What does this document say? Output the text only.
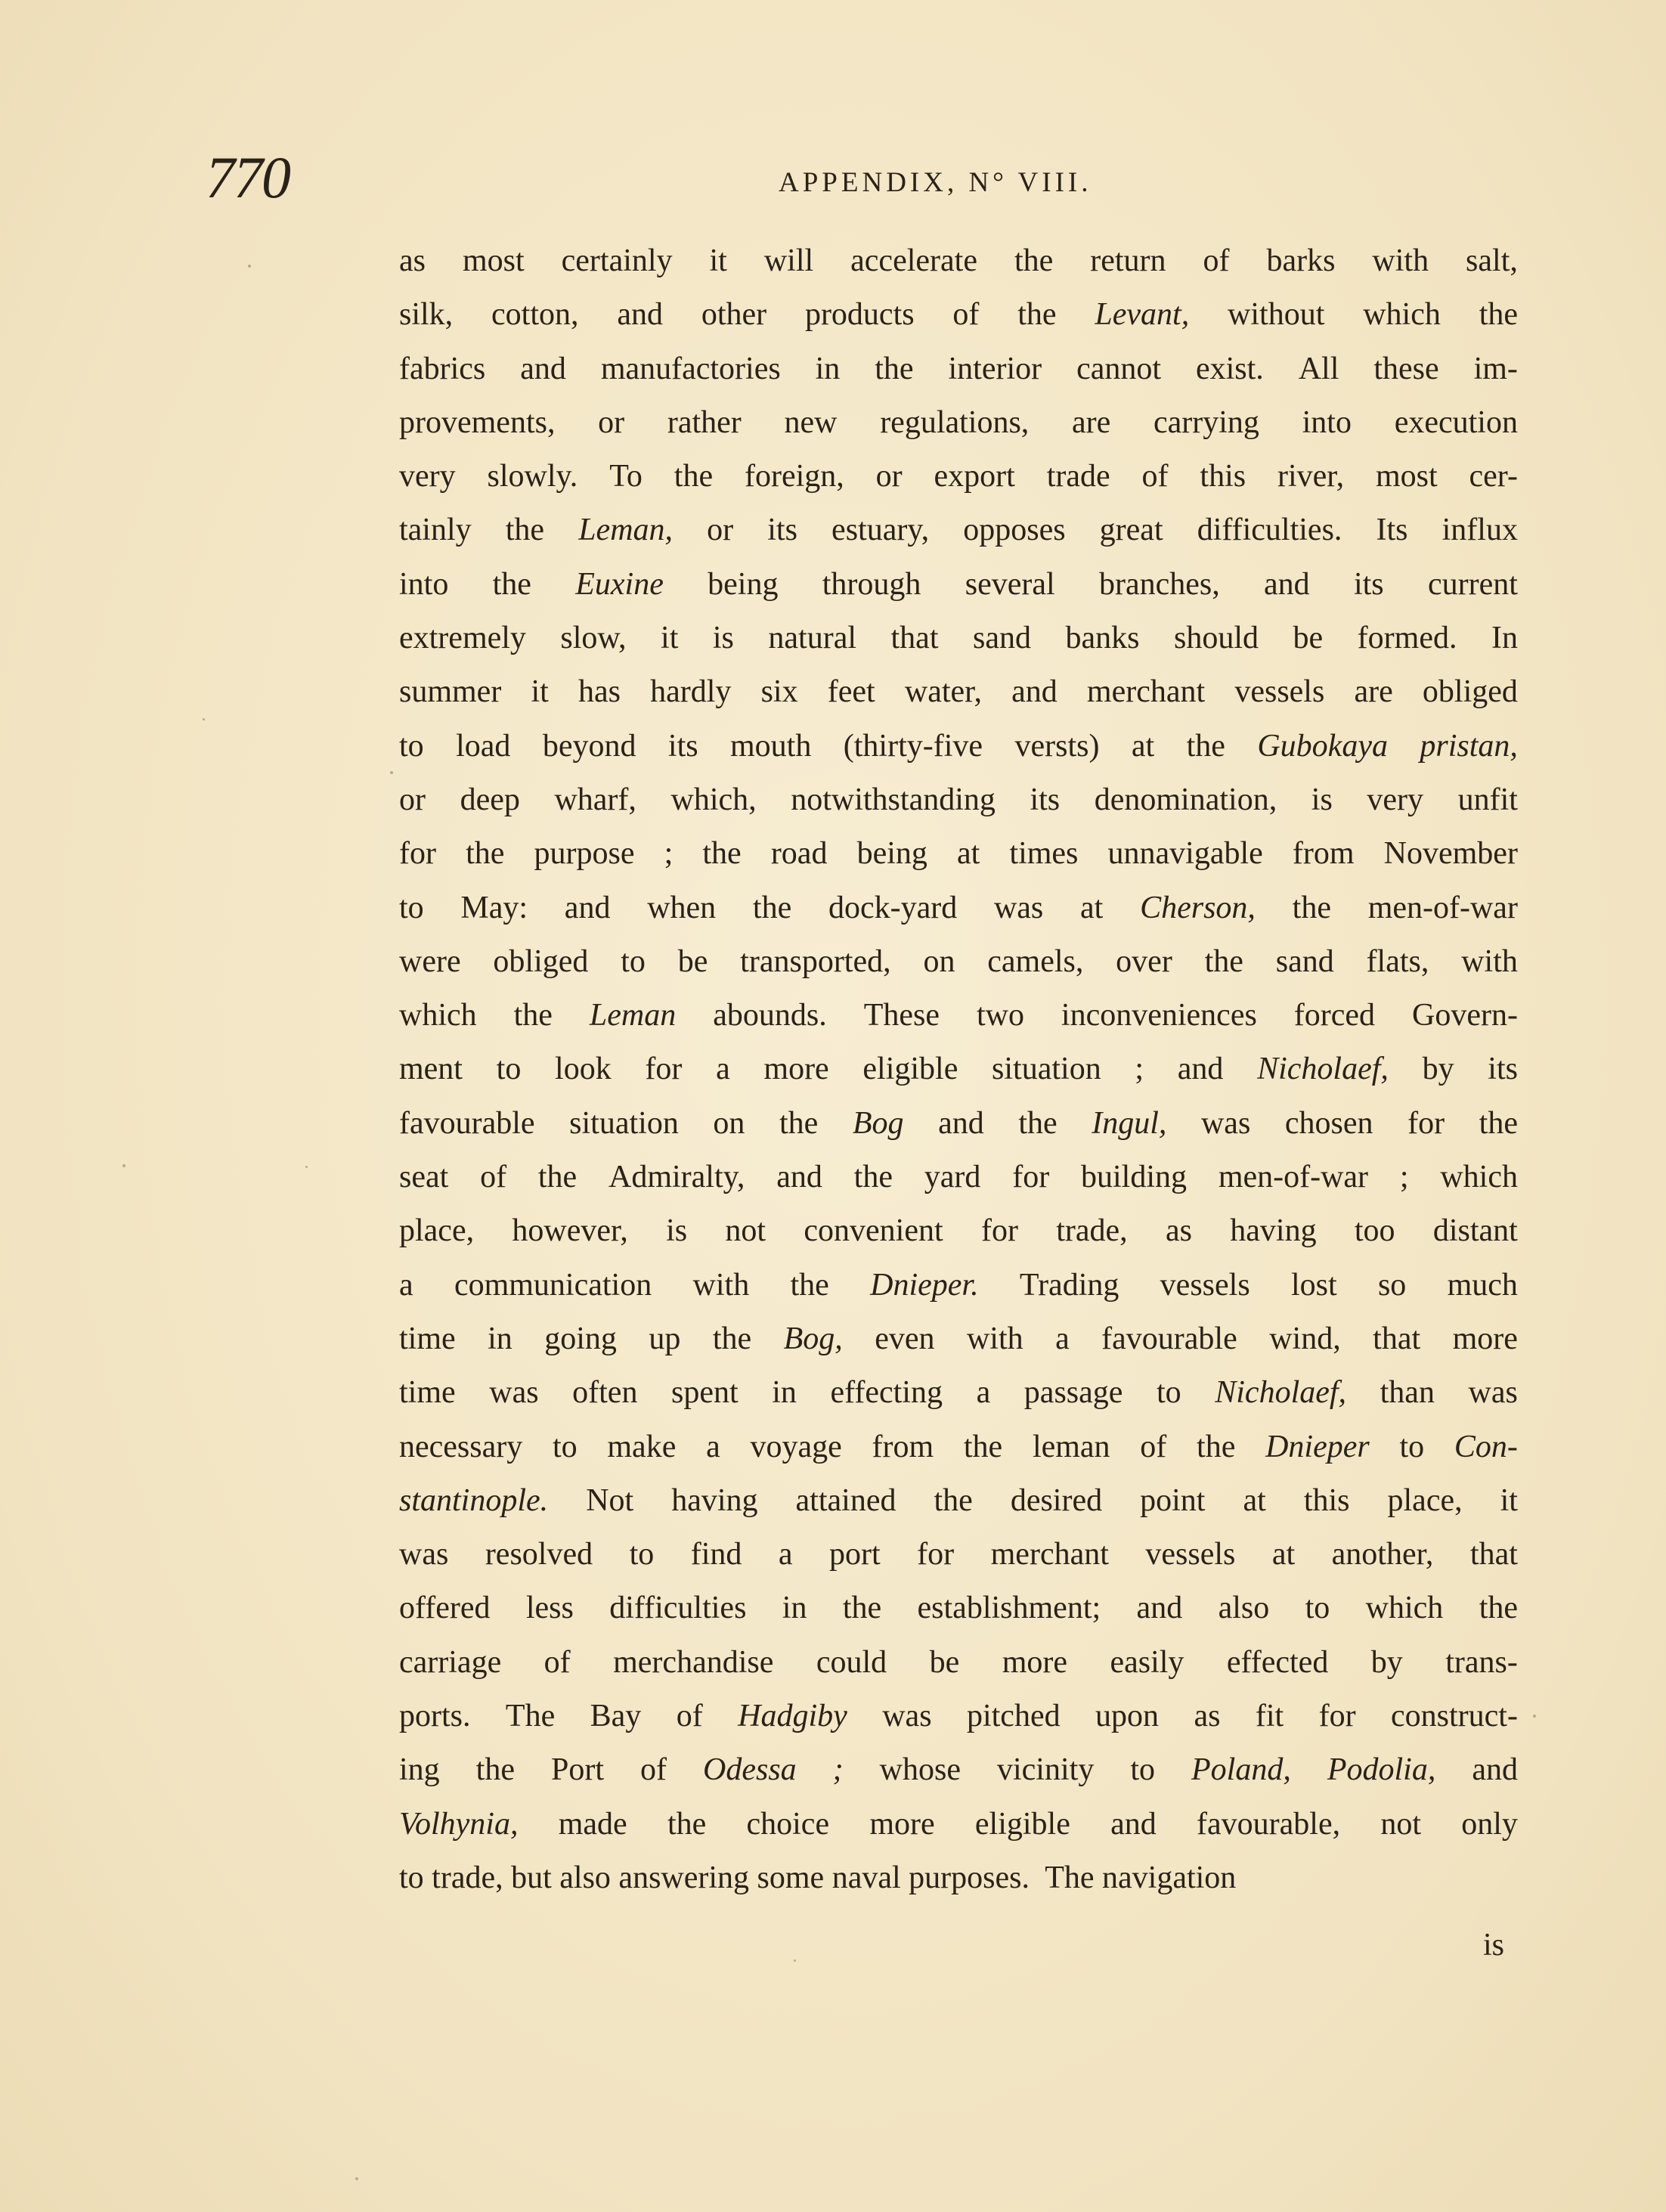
770	APPENDIX, N° VIII.
as most certainly it will accelerate the return of barks with salt,
silk, cotton, and other products of the Levant, without which the
fabrics and manufactories in the interior cannot exist. All these im-
provements, or rather new regulations, are carrying into execution
very slowly. To the foreign, or export trade of this river, most cer-
tainly the Leman, or its estuary, opposes great difficulties. Its influx
into the Euxine being through several branches, and its current
extremely slow, it is natural that sand banks should be formed. In
summer it has hardly six feet water, and merchant vessels are obliged
to load beyond its mouth (thirty-five versts) at the Gubokaya pristan,
or deep wharf, which, notwithstanding its denomination, is very unfit
for the purpose ; the road being at times unnavigable from November
to May: and when the dock-yard was at Cherson, the men-of-war
were obliged to be transported, on camels, over the sand flats, with
which the Leman abounds. These two inconveniences forced Govern-
ment to look for a more eligible situation ; and Nicholaef, by its
favourable situation on the Bog and the Ingul, was chosen for the
seat of the Admiralty, and the yard for building men-of-war ; which
place, however, is not convenient for trade, as having too distant
a communication with the Dnieper. Trading vessels lost so much
time in going up the Bog, even with a favourable wind, that more
time was often spent in effecting a passage to Nicholaef, than was
necessary to make a voyage from the leman of the Dnieper to Con-
stantinople. Not having attained the desired point at this place, it
was resolved to find a port for merchant vessels at another, that
offered less difficulties in the establishment; and also to which the
carriage of merchandise could be more easily effected by trans-
ports. The Bay of Hadgiby was pitched upon as fit for construct-
ing the Port of Odessa ; whose vicinity to Poland, Podolia, and
Volhynia, made the choice more eligible and favourable, not only
to trade, but also answering some naval purposes.  The navigation
is
